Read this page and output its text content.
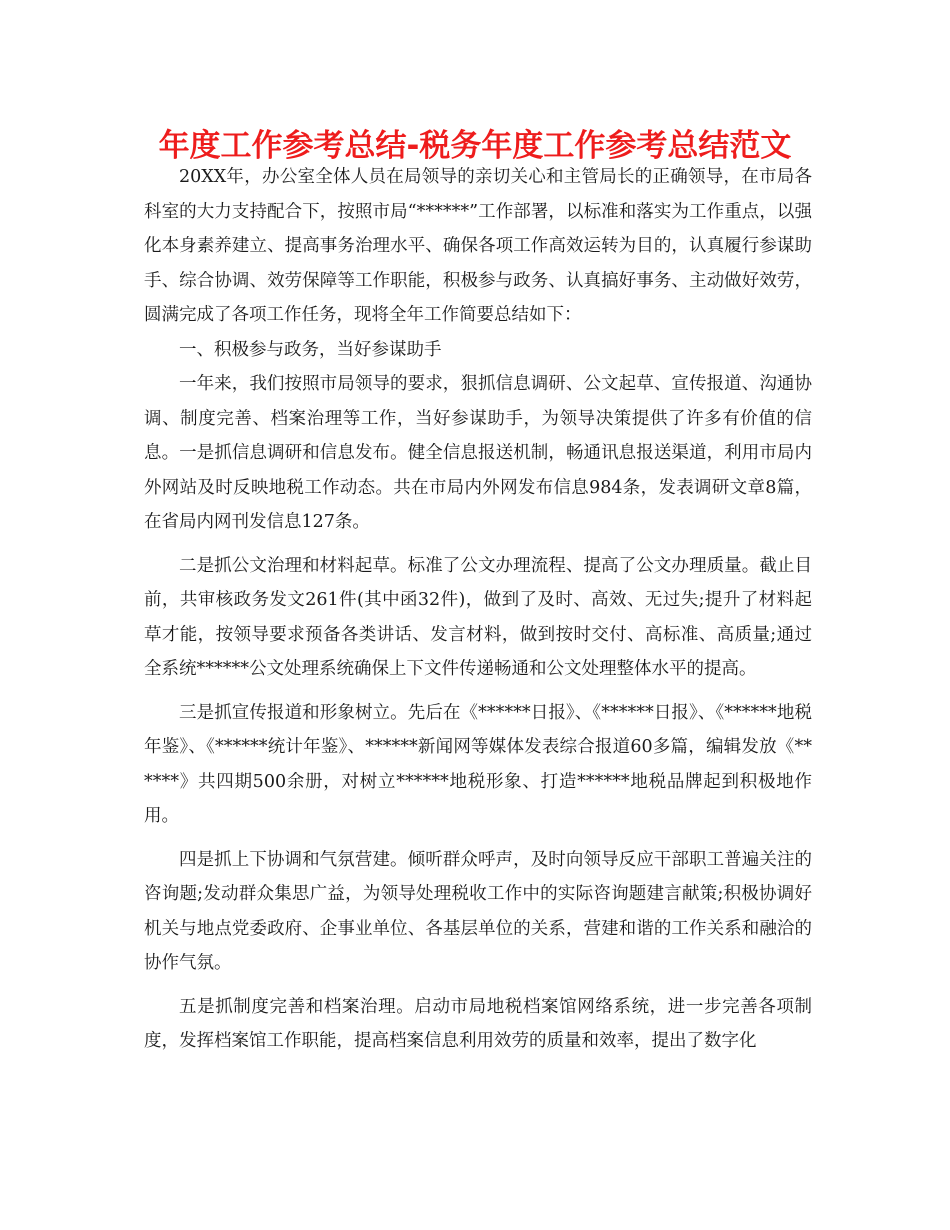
年度工作参考总结-税务年度工作参考总结范文

20XX年，办公室全体人员在局领导的亲切关心和主管局长的正确领导，在市局各科室的大力支持配合下，按照市局“******”工作部署，以标准和落实为工作重点，以强化本身素养建立、提高事务治理水平、确保各项工作高效运转为目的，认真履行参谋助手、综合协调、效劳保障等工作职能，积极参与政务、认真搞好事务、主动做好效劳，圆满完成了各项工作任务，现将全年工作简要总结如下：

一、积极参与政务，当好参谋助手

一年来，我们按照市局领导的要求，狠抓信息调研、公文起草、宣传报道、沟通协调、制度完善、档案治理等工作，当好参谋助手，为领导决策提供了许多有价值的信息。一是抓信息调研和信息发布。健全信息报送机制，畅通讯息报送渠道，利用市局内外网站及时反映地税工作动态。共在市局内外网发布信息984条，发表调研文章8篇，在省局内网刊发信息127条。

二是抓公文治理和材料起草。标准了公文办理流程、提高了公文办理质量。截止目前，共审核政务发文261件(其中函32件)，做到了及时、高效、无过失;提升了材料起草才能，按领导要求预备各类讲话、发言材料，做到按时交付、高标准、高质量;通过全系统******公文处理系统确保上下文件传递畅通和公文处理整体水平的提高。

三是抓宣传报道和形象树立。先后在《******日报》、《******日报》、《******地税年鉴》、《******统计年鉴》、******新闻网等媒体发表综合报道60多篇，编辑发放《******》共四期500余册，对树立******地税形象、打造******地税品牌起到积极地作用。

四是抓上下协调和气氛营建。倾听群众呼声，及时向领导反应干部职工普遍关注的咨询题;发动群众集思广益，为领导处理税收工作中的实际咨询题建言献策;积极协调好机关与地点党委政府、企事业单位、各基层单位的关系，营建和谐的工作关系和融洽的协作气氛。

五是抓制度完善和档案治理。启动市局地税档案馆网络系统，进一步完善各项制度，发挥档案馆工作职能，提高档案信息利用效劳的质量和效率，提出了数字化
